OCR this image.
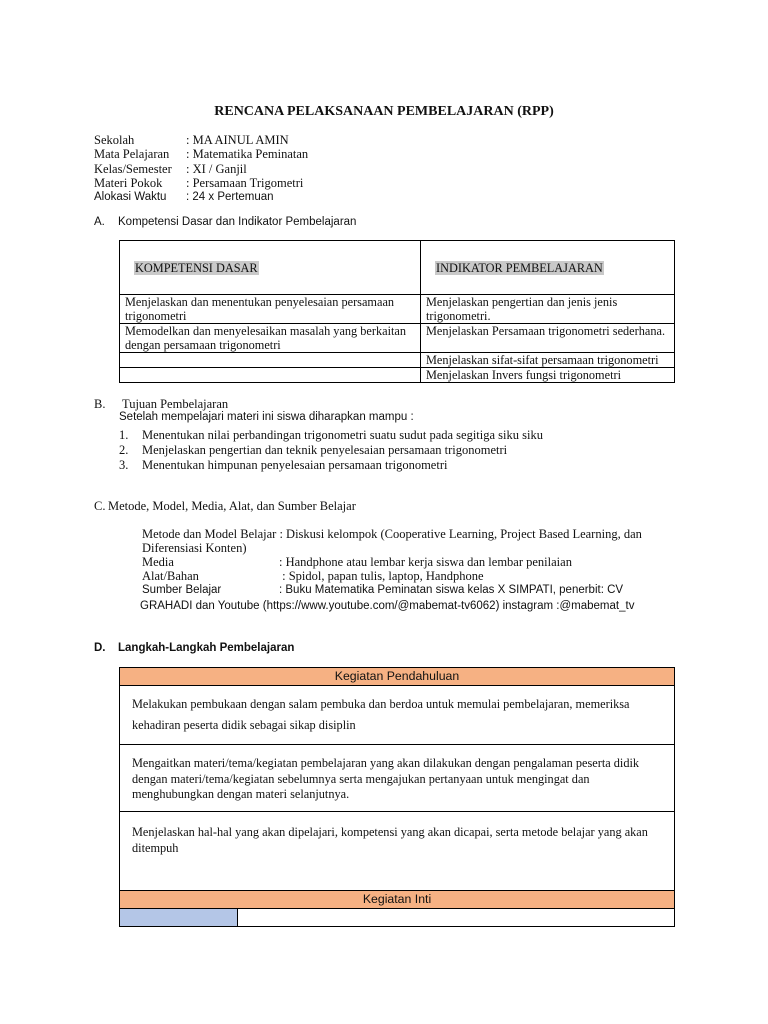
RENCANA PELAKSANAAN PEMBELAJARAN (RPP)
Sekolah	: MA AINUL AMIN
Mata Pelajaran	: Matematika Peminatan
Kelas/Semester	: XI / Ganjil
Materi Pokok	: Persamaan Trigometri
Alokasi Waktu	: 24 x Pertemuan
A. Kompetensi Dasar dan Indikator Pembelajaran
KOMPETENSI DASAR	INDIKATOR PEMBELAJARAN
Menjelaskan dan menentukan penyelesaian persamaan trigonometri	Menjelaskan pengertian dan jenis jenis trigonometri.
Memodelkan dan menyelesaikan masalah yang berkaitan dengan persamaan trigonometri	Menjelaskan Persamaan trigonometri sederhana.
	Menjelaskan sifat-sifat persamaan trigonometri
	Menjelaskan Invers fungsi trigonometri
B. Tujuan Pembelajaran
Setelah mempelajari materi ini siswa diharapkan mampu :
1.	Menentukan nilai perbandingan trigonometri suatu sudut pada segitiga siku siku
2.	Menjelaskan pengertian dan teknik penyelesaian persamaan trigonometri
3.	Menentukan himpunan penyelesaian persamaan trigonometri
C. Metode, Model, Media, Alat, dan Sumber Belajar
Metode dan Model Belajar : Diskusi kelompok (Cooperative Learning, Project Based Learning, dan
Diferensiasi Konten)
Media	: Handphone atau lembar kerja siswa dan lembar penilaian
Alat/Bahan	: Spidol, papan tulis, laptop, Handphone
Sumber Belajar	: Buku Matematika Peminatan siswa kelas X SIMPATI, penerbit: CV
GRAHADI dan Youtube (https://www.youtube.com/@mabemat-tv6062) instagram :@mabemat_tv
D. Langkah-Langkah Pembelajaran
Kegiatan Pendahuluan
Melakukan pembukaan dengan salam pembuka dan berdoa untuk memulai pembelajaran, memeriksa kehadiran peserta didik sebagai sikap disiplin
Mengaitkan materi/tema/kegiatan pembelajaran yang akan dilakukan dengan pengalaman peserta didik dengan materi/tema/kegiatan sebelumnya serta mengajukan pertanyaan untuk mengingat dan menghubungkan dengan materi selanjutnya.
Menjelaskan hal-hal yang akan dipelajari, kompetensi yang akan dicapai, serta metode belajar yang akan ditempuh
Kegiatan Inti
